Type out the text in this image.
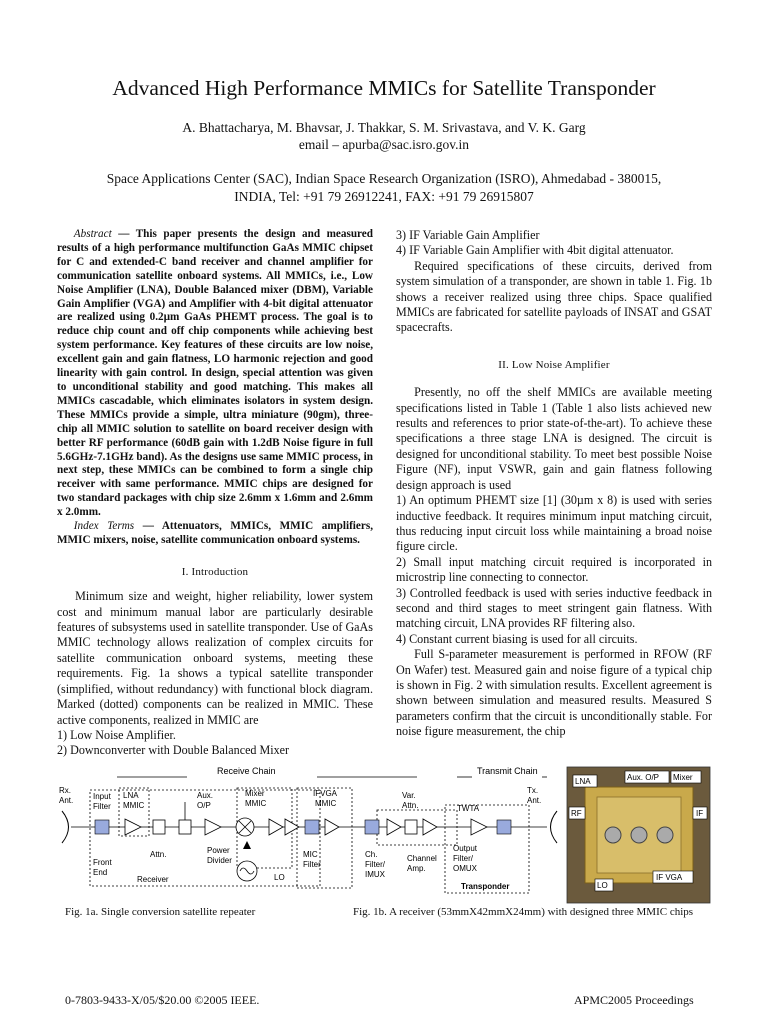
Advanced High Performance MMICs for Satellite Transponder
A. Bhattacharya, M. Bhavsar, J. Thakkar, S. M. Srivastava, and V. K. Garg
email – apurba@sac.isro.gov.in
Space Applications Center (SAC), Indian Space Research Organization (ISRO), Ahmedabad - 380015,
INDIA, Tel: +91 79 26912241, FAX: +91 79 26915807

Abstract — This paper presents the design and measured results of a high performance multifunction GaAs MMIC chipset for C and extended-C band receiver and channel amplifier for communication satellite onboard systems. All MMICs, i.e., Low Noise Amplifier (LNA), Double Balanced mixer (DBM), Variable Gain Amplifier (VGA) and Amplifier with 4-bit digital attenuator are realized using 0.2µm GaAs PHEMT process. The goal is to reduce chip count and off chip components while achieving best system performance. Key features of these circuits are low noise, excellent gain and gain flatness, LO harmonic rejection and good linearity with gain control. In design, special attention was given to unconditional stability and good matching. This makes all MMICs cascadable, which eliminates isolators in system design. These MMICs provide a simple, ultra miniature (90gm), three-chip all MMIC solution to satellite on board receiver design with better RF performance (60dB gain with 1.2dB Noise figure in full 5.6GHz-7.1GHz band). As the designs use same MMIC process, in next step, these MMICs can be combined to form a single chip receiver with same performance. MMIC chips are designed for two standard packages with chip size 2.6mm x 1.6mm and 2.6mm x 2.0mm.

Index Terms — Attenuators, MMICs, MMIC amplifiers, MMIC mixers, noise, satellite communication onboard systems.

I. Introduction

Minimum size and weight, higher reliability, lower system cost and minimum manual labor are particularly desirable features of subsystems used in satellite transponder. Use of GaAs MMIC technology allows realization of complex circuits for satellite communication onboard systems, meeting these requirements. Fig. 1a shows a typical satellite transponder (simplified, without redundancy) with functional block diagram. Marked (dotted) components can be realized in MMIC. These active components, realized in MMIC are

1) Low Noise Amplifier.

2) Downconverter with Double Balanced Mixer

3) IF Variable Gain Amplifier

4) IF Variable Gain Amplifier with 4bit digital attenuator.

Required specifications of these circuits, derived from system simulation of a transponder, are shown in table 1. Fig. 1b shows a receiver realized using three chips. Space qualified MMICs are fabricated for satellite payloads of INSAT and GSAT spacecrafts.

II. Low Noise Amplifier

Presently, no off the shelf MMICs are available meeting specifications listed in Table 1 (Table 1 also lists achieved new results and references to prior state-of-the-art). To achieve these specifications a three stage LNA is designed. The circuit is designed for unconditional stability. To meet best possible Noise Figure (NF), input VSWR, gain and gain flatness following design approach is used

1) An optimum PHEMT size [1] (30µm x 8) is used with series inductive feedback. It requires minimum input matching circuit, thus reducing input circuit loss while maintaining a broad noise figure circle.

2) Small input matching circuit required is incorporated in microstrip line connecting to connector.

3) Controlled feedback is used with series inductive feedback in second and third stages to meet stringent gain flatness. With matching circuit, LNA provides RF filtering also.

4) Constant current biasing is used for all circuits.

Full S-parameter measurement is performed in RFOW (RF On Wafer) test. Measured gain and noise figure of a typical chip is shown in Fig. 2 with simulation results. Excellent agreement is shown between simulation and measured results. Measured S parameters confirm that the circuit is unconditionally stable. For noise figure measurement, the chip

Receive Chain	Transmit Chain
Rx.
Ant.
Tx.
Ant.
Input
Filter
LNA
MMIC
Aux.
O/P
Mixer
MMIC
IFVGA
MMIC
Var.
Attn.	TWTA
Front
End
Attn.	Power
Divider
Receiver	LO
MIC
Filter
Ch.
Filter/
IMUX
Channel
Amp.
Output
Filter/
OMUX
Transponder
LNA	Aux. O/P Mixer
RF	IF
LO
IF VGA
Fig. 1a. Single conversion satellite repeater	Fig. 1b. A receiver (53mmX42mmX24mm) with designed three MMIC chips
0-7803-9433-X/05/$20.00 ©2005 IEEE.	APMC2005 Proceedings
